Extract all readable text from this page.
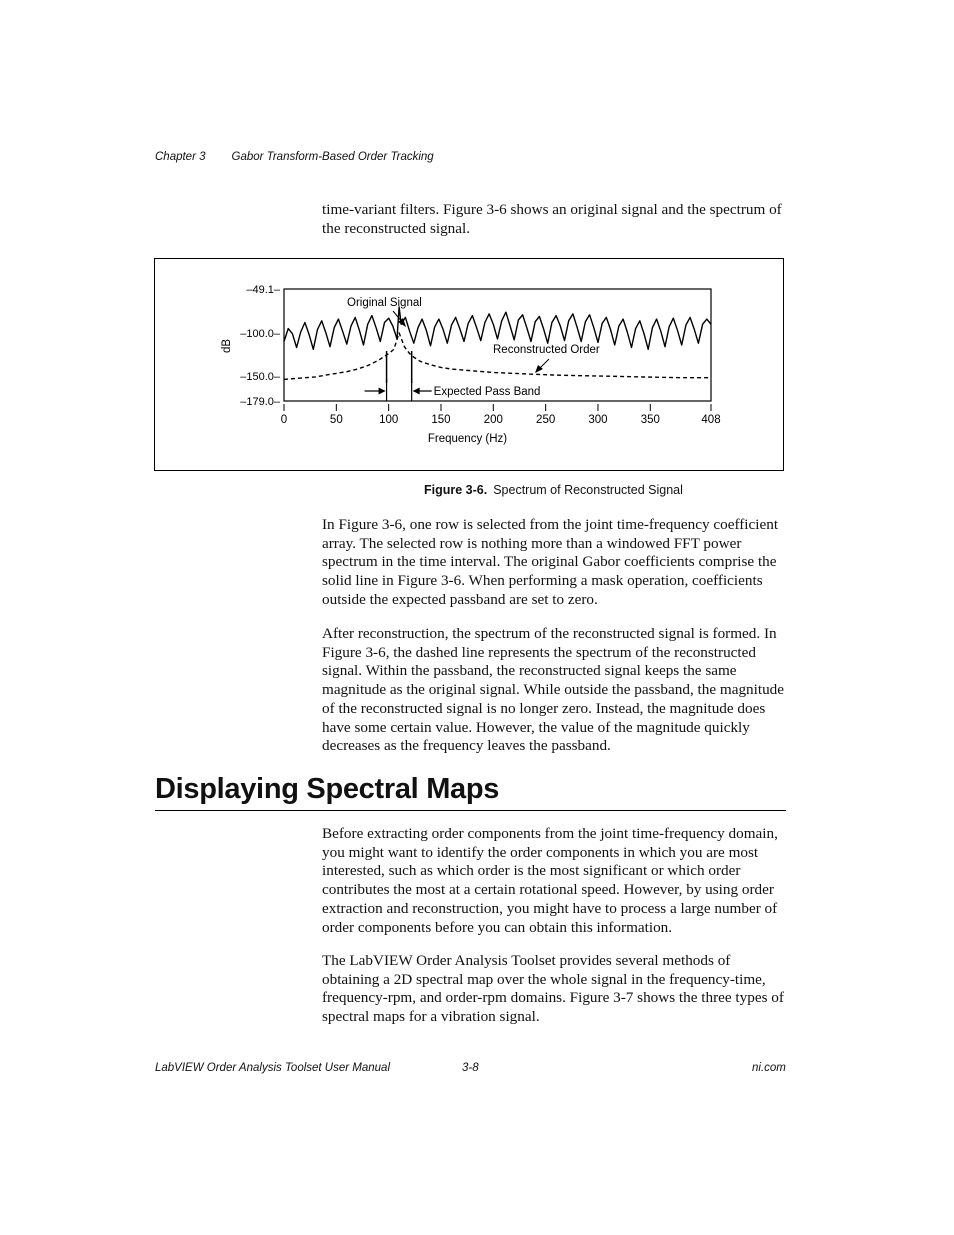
Chapter 3 Gabor Transform-Based Order Tracking

time-variant filters. Figure 3-6 shows an original signal and the spectrum of the reconstructed signal.

–49.1–
–100.0–
–150.0–
–179.0–
0	50	100	150	200	250	300	350	408
Frequency (Hz)
dB
Expected Pass Band
Original Signal
Reconstructed Order
Figure 3-6. Spectrum of Reconstructed Signal

In Figure 3-6, one row is selected from the joint time-frequency coefficient array. The selected row is nothing more than a windowed FFT power spectrum in the time interval. The original Gabor coefficients comprise the solid line in Figure 3-6. When performing a mask operation, coefficients outside the expected passband are set to zero.

After reconstruction, the spectrum of the reconstructed signal is formed. In Figure 3-6, the dashed line represents the spectrum of the reconstructed signal. Within the passband, the reconstructed signal keeps the same magnitude as the original signal. While outside the passband, the magnitude of the reconstructed signal is no longer zero. Instead, the magnitude does have some certain value. However, the value of the magnitude quickly decreases as the frequency leaves the passband.

Displaying Spectral Maps

Before extracting order components from the joint time-frequency domain, you might want to identify the order components in which you are most interested, such as which order is the most significant or which order contributes the most at a certain rotational speed. However, by using order extraction and reconstruction, you might have to process a large number of order components before you can obtain this information.

The LabVIEW Order Analysis Toolset provides several methods of obtaining a 2D spectral map over the whole signal in the frequency-time, frequency-rpm, and order-rpm domains. Figure 3-7 shows the three types of spectral maps for a vibration signal.

LabVIEW Order Analysis Toolset User Manual	3-8	ni.com
